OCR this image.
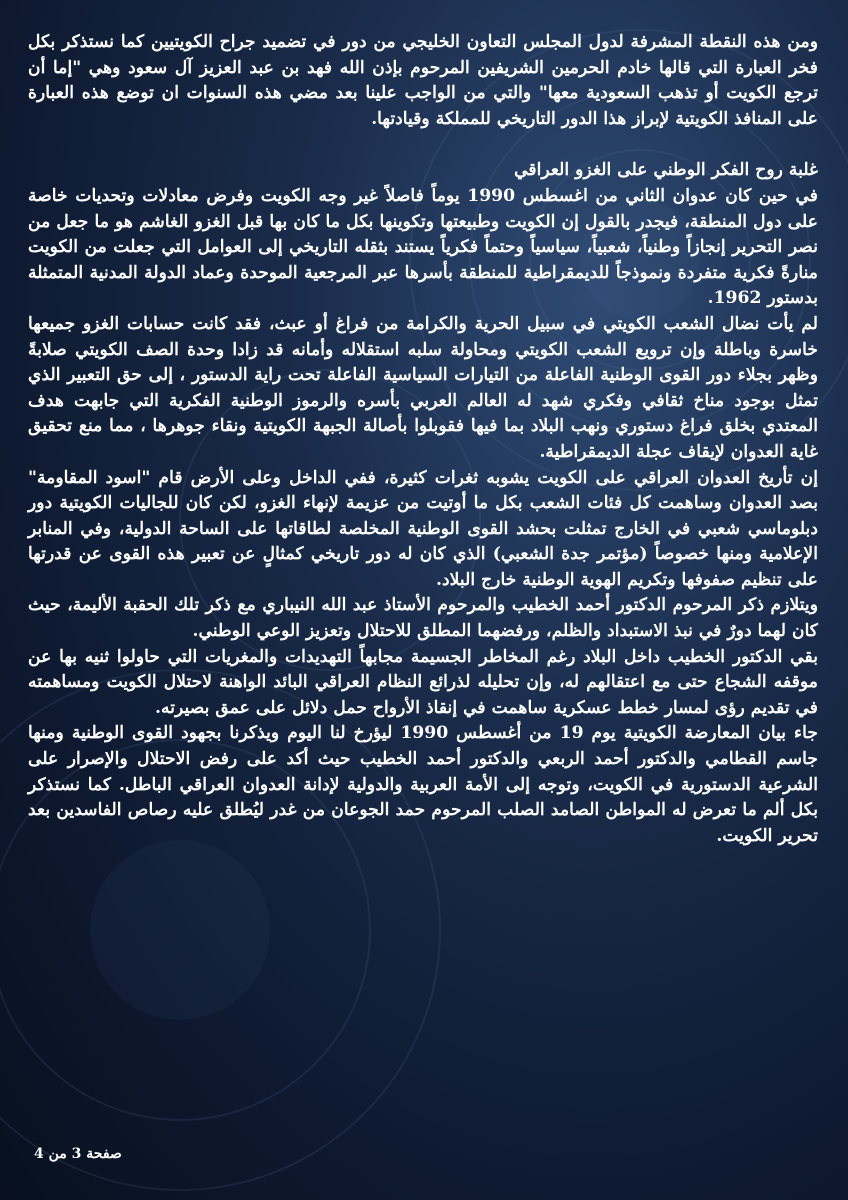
ومن هذه النقطة المشرفة لدول المجلس التعاون الخليجي من دور في تضميد جراح الكويتيين كما نستذكر بكل فخر العبارة التي قالها خادم الحرمين الشريفين المرحوم بإذن الله فهد بن عبد العزيز آل سعود وهي "إما أن ترجع الكويت أو تذهب السعودية معها" والتي من الواجب علينا بعد مضي هذه السنوات ان توضع هذه العبارة على المنافذ الكويتية لإبراز هذا الدور التاريخي للمملكة وقيادتها.

غلبة روح الفكر الوطني على الغزو العراقي

في حين كان عدوان الثاني من اغسطس 1990 يوماً فاصلاً غير وجه الكويت وفرض معادلات وتحديات خاصة على دول المنطقة، فيجدر بالقول إن الكويت وطبيعتها وتكوينها بكل ما كان بها قبل الغزو الغاشم هو ما جعل من نصر التحرير إنجازاً وطنياً، شعبياً، سياسياً وحتماً فكرياً يستند بثقله التاريخي إلى العوامل التي جعلت من الكويت منارةً فكرية متفردة ونموذجاً للديمقراطية للمنطقة بأسرها عبر المرجعية الموحدة وعماد الدولة المدنية المتمثلة بدستور 1962.

لم يأت نضال الشعب الكويتي في سبيل الحرية والكرامة من فراغ أو عبث، فقد كانت حسابات الغزو جميعها خاسرة وباطلة وإن ترويع الشعب الكويتي ومحاولة سلبه استقلاله وأمانه قد زادا وحدة الصف الكويتي صلابةً وظهر بجلاء دور القوى الوطنية الفاعلة من التيارات السياسية الفاعلة تحت راية الدستور ، إلى حق التعبير الذي تمثل بوجود مناخ ثقافي وفكري شهد له العالم العربي بأسره والرموز الوطنية الفكرية التي جابهت هدف المعتدي بخلق فراغ دستوري ونهب البلاد بما فيها فقوبلوا بأصالة الجبهة الكويتية ونقاء جوهرها ، مما منع تحقيق غاية العدوان لإيقاف عجلة الديمقراطية.

إن تأريخ العدوان العراقي على الكويت يشوبه ثغرات كثيرة، ففي الداخل وعلى الأرض قام "اسود المقاومة" بصد العدوان وساهمت كل فئات الشعب بكل ما أوتيت من عزيمة لإنهاء الغزو، لكن كان للجاليات الكويتية دور دبلوماسي شعبي في الخارج تمثلت بحشد القوى الوطنية المخلصة لطاقاتها على الساحة الدولية، وفي المنابر الإعلامية ومنها خصوصاً (مؤتمر جدة الشعبي) الذي كان له دور تاريخي كمثالٍ عن تعبير هذه القوى عن قدرتها على تنظيم صفوفها وتكريم الهوية الوطنية خارج البلاد.

ويتلازم ذكر المرحوم الدكتور أحمد الخطيب والمرحوم الأستاذ عبد الله النيباري مع ذكر تلك الحقبة الأليمة، حيث كان لهما دورٌ في نبذ الاستبداد والظلم، ورفضهما المطلق للاحتلال وتعزيز الوعي الوطني.

بقي الدكتور الخطيب داخل البلاد رغم المخاطر الجسيمة مجابهاً التهديدات والمغريات التي حاولوا ثنيه بها عن موقفه الشجاع حتى مع اعتقالهم له، وإن تحليله لذرائع النظام العراقي البائد الواهنة لاحتلال الكويت ومساهمته في تقديم رؤى لمسار خطط عسكرية ساهمت في إنقاذ الأرواح حمل دلائل على عمق بصيرته.

جاء بيان المعارضة الكويتية يوم 19 من أغسطس 1990 ليؤرخ لنا اليوم ويذكرنا بجهود القوى الوطنية ومنها جاسم القطامي والدكتور أحمد الربعي والدكتور أحمد الخطيب حيث أكد على رفض الاحتلال والإصرار على الشرعية الدستورية في الكويت، وتوجه إلى الأمة العربية والدولية لإدانة العدوان العراقي الباطل. كما نستذكر بكل ألم ما تعرض له المواطن الصامد الصلب المرحوم حمد الجوعان من غدر ليُطلق عليه رصاص الفاسدين بعد تحرير الكويت.

صفحة 3 من 4
